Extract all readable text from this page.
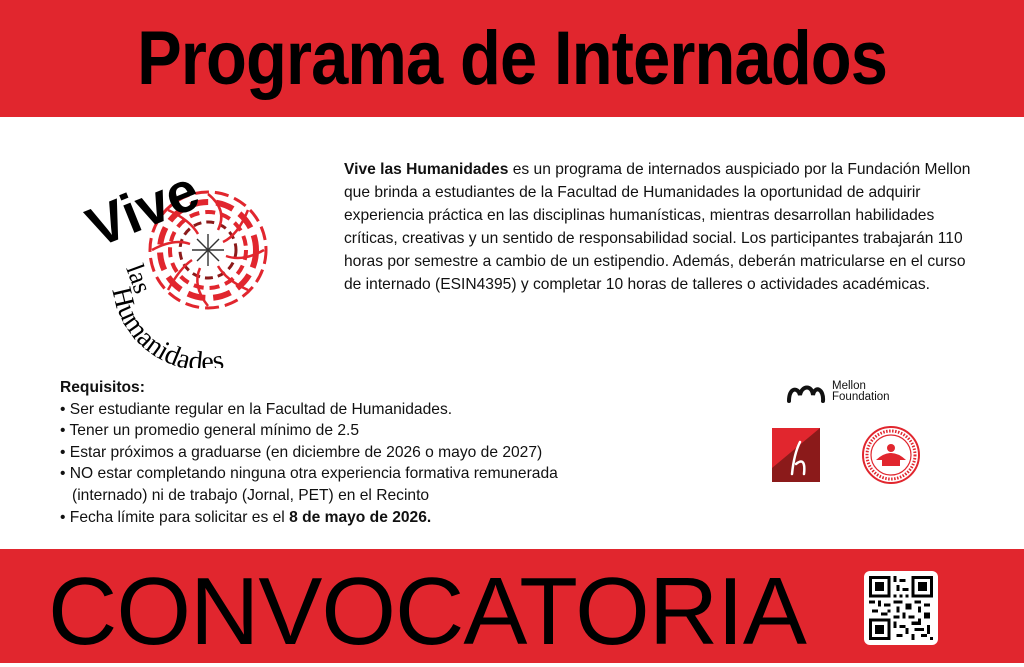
Programa de Internados
Vive
las
Humanidades

Vive las Humanidades es un programa de internados auspiciado por la Fundación Mellon que brinda a estudiantes de la Facultad de Humanidades la oportunidad de adquirir experiencia práctica en las disciplinas humanísticas, mientras desarrollan habilidades críticas, creativas y un sentido de responsabilidad social. Los participantes trabajarán 110 horas por semestre a cambio de un estipendio. Además, deberán matricularse en el curso de internado (ESIN4395) y completar 10 horas de talleres o actividades académicas.

Requisitos:
• Ser estudiante regular en la Facultad de Humanidades.
• Tener un promedio general mínimo de 2.5
• Estar próximos a graduarse (en diciembre de 2026 o mayo de 2027)
• NO estar completando ninguna otra experiencia formativa remunerada
(internado) ni de trabajo (Jornal, PET) en el Recinto
• Fecha límite para solicitar es el 8 de mayo de 2026.
Mellon
Foundation
CONVOCATORIA
